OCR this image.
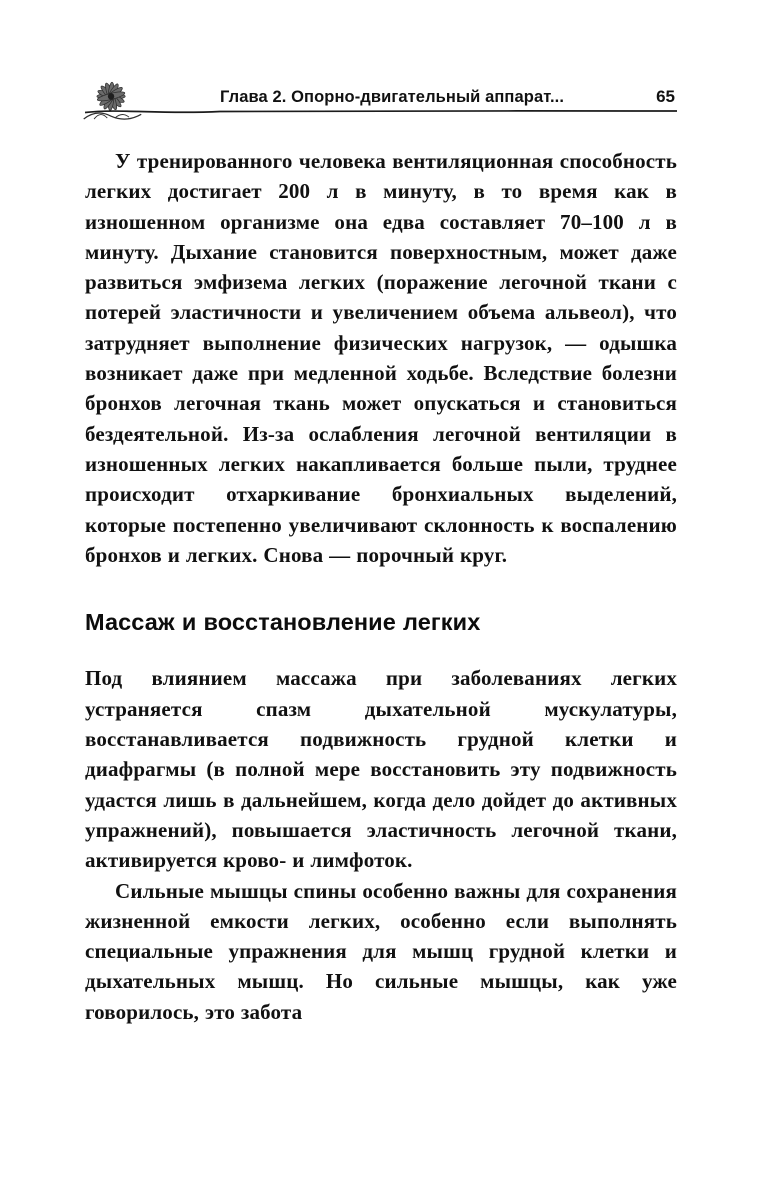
Глава 2. Опорно-двигательный аппарат...	65

У тренированного человека вентиляционная способность легких достигает 200 л в минуту, в то время как в изношенном организме она едва составляет 70–100 л в минуту. Дыхание становится поверхностным, может даже развиться эмфизема легких (поражение легочной ткани с потерей эластичности и увеличением объема альвеол), что затрудняет выполнение физических нагрузок, — одышка возникает даже при медленной ходьбе. Вследствие болезни бронхов легочная ткань может опускаться и становиться бездеятельной. Из-за ослабления легочной вентиляции в изношенных легких накапливается больше пыли, труднее происходит отхаркивание бронхиальных выделений, которые постепенно увеличивают склонность к воспалению бронхов и легких. Снова — порочный круг.

Массаж и восстановление легких

Под влиянием массажа при заболеваниях легких устраняется спазм дыхательной мускулатуры, восстанавливается подвижность грудной клетки и диафрагмы (в полной мере восстановить эту подвижность удастся лишь в дальнейшем, когда дело дойдет до активных упражнений), повышается эластичность легочной ткани, активируется крово- и лимфоток.

Сильные мышцы спины особенно важны для сохранения жизненной емкости легких, особенно если выполнять специальные упражнения для мышц грудной клетки и дыхательных мышц. Но сильные мышцы, как уже говорилось, это забота
